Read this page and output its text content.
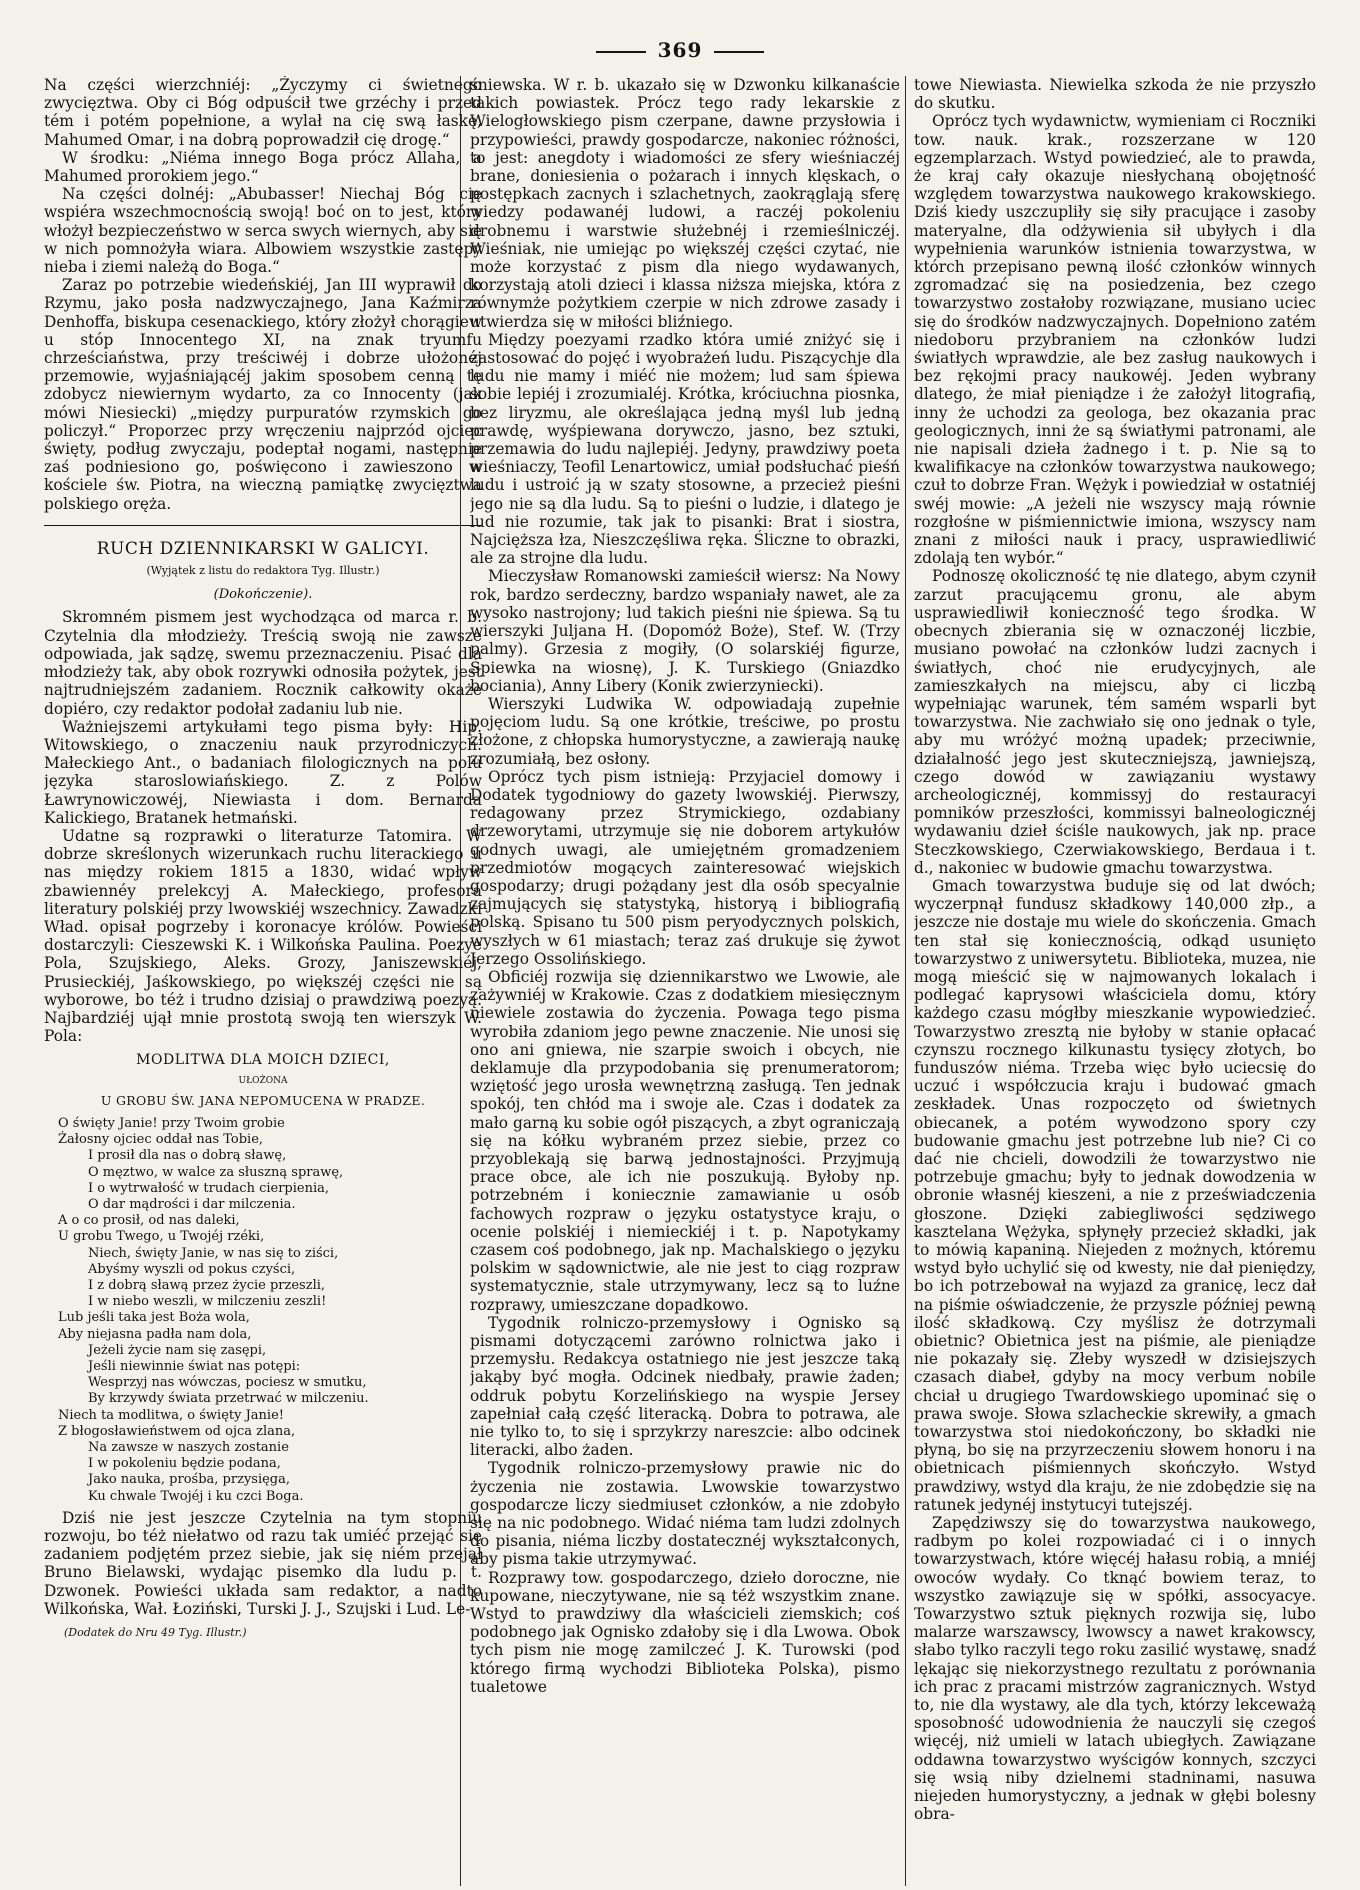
369

Na części wierzchniéj: „Życzymy ci świetnego zwycięztwa. Oby ci Bóg odpuścił twe grzéchy i przed tém i potém popełnione, a wylał na cię swą łaskę, Mahumed Omar, i na dobrą poprowadził cię drogę.“

W środku: „Niéma innego Boga prócz Allaha, a Mahumed prorokiem jego.“

Na części dolnéj: „Abubasser! Niechaj Bóg cię wspiéra wszechmocnością swoją! boć on to jest, który włożył bezpieczeństwo w serca swych wiernych, aby się w nich pomnożyła wiara. Albowiem wszystkie zastępy nieba i ziemi należą do Boga.“

Zaraz po potrzebie wiedeńskiéj, Jan III wyprawił do Rzymu, jako posła nadzwyczajnego, Jana Kaźmirza Denhoffa, biskupa cesenackiego, który złożył chorągiew u stóp Innocentego XI, na znak tryumfu chrześciaństwa, przy treściwéj i dobrze ułożonéj przemowie, wyjaśniającéj jakim sposobem cenną tę zdobycz niewiernym wydarto, za co Innocenty (jak mówi Niesiecki) „między purpuratów rzymskich go policzył.“ Proporzec przy wręczeniu najprzód ojciec święty, podług zwyczaju, podeptał nogami, następnie zaś podniesiono go, poświęcono i zawieszono w kościele św. Piotra, na wieczną pamiątkę zwycięztwa polskiego oręża.

RUCH DZIENNIKARSKI W GALICYI.
(Wyjątek z listu do redaktora Tyg. Illustr.)
(Dokończenie).

Skromném pismem jest wychodząca od marca r. b. Czytelnia dla młodzieży. Treścią swoją nie zawsze odpowiada, jak sądzę, swemu przeznaczeniu. Pisać dla młodzieży tak, aby obok rozrywki odnosiła pożytek, jest najtrudniejszém zadaniem. Rocznik całkowity okaże dopiéro, czy redaktor podołał zadaniu lub nie.

Ważniejszemi artykułami tego pisma były: Hip. Witowskiego, o znaczeniu nauk przyrodniczych. Małeckiego Ant., o badaniach filologicznych na polu języka staroslowiańskiego. Z. z Polów Ławrynowiczowéj, Niewiasta i dom. Bernarda Kalickiego, Bratanek hetmański.

Udatne są rozprawki o literaturze Tatomira. W dobrze skreślonych wizerunkach ruchu literackiego u nas między rokiem 1815 a 1830, widać wpływ zbawiennéy prelekcyj A. Małeckiego, profesora literatury polskiéj przy lwowskiéj wszechnicy. Zawadzki Wład. opisał pogrzeby i koronacye królów. Powieści dostarczyli: Cieszewski K. i Wilkońska Paulina. Poezye Pola, Szujskiego, Aleks. Grozy, Janiszewskiéj, Prusieckiéj, Jaśkowskiego, po większéj części nie są wyborowe, bo téż i trudno dzisiaj o prawdziwą poezyą. Najbardziéj ujął mnie prostotą swoją ten wierszyk W. Pola:

MODLITWA DLA MOICH DZIECI,
UŁOŻONA
U GROBU ŚW. JANA NEPOMUCENA W PRADZE.
O święty Janie! przy Twoim grobie
Żałosny ojciec oddał nas Tobie,
I prosił dla nas o dobrą sławę,
O męztwo, w walce za słuszną sprawę,
I o wytrwałość w trudach cierpienia,
O dar mądrości i dar milczenia.
A o co prosił, od nas daleki,
U grobu Twego, u Twojéj rzéki,
Niech, święty Janie, w nas się to ziści,
Abyśmy wyszli od pokus czyści,
I z dobrą sławą przez życie przeszli,
I w niebo weszli, w milczeniu zeszli!
Lub jeśli taka jest Boża wola,
Aby niejasna padła nam dola,
Jeżeli życie nam się zasępi,
Jeśli niewinnie świat nas potępi:
Wesprzyj nas wówczas, pociesz w smutku,
By krzywdy świata przetrwać w milczeniu.
Niech ta modlitwa, o święty Janie!
Z błogosławieństwem od ojca zlana,
Na zawsze w naszych zostanie
I w pokoleniu będzie podana,
Jako nauka, prośba, przysięga,
Ku chwale Twojéj i ku czci Boga.

Dziś nie jest jeszcze Czytelnia na tym stopniu rozwoju, bo téż niełatwo od razu tak umiéć przejąć się zadaniem podjętém przez siebie, jak się niém przejął Bruno Bielawski, wydając pisemko dla ludu p. t. Dzwonek. Powieści układa sam redaktor, a nadto Wilkońska, Wał. Łoziński, Turski J. J., Szujski i Lud. Le-

(Dodatek do Nru 49 Tyg. Illustr.)

śniewska. W r. b. ukazało się w Dzwonku kilkanaście takich powiastek. Prócz tego rady lekarskie z Wielogłowskiego pism czerpane, dawne przysłowia i przypowieści, prawdy gospodarcze, nakoniec różności, to jest: anegdoty i wiadomości ze sfery wieśniaczéj brane, doniesienia o pożarach i innych klęskach, o postępkach zacnych i szlachetnych, zaokrąglają sferę wiedzy podawanéj ludowi, a raczéj pokoleniu drobnemu i warstwie służebnéj i rzemieślniczéj. Wieśniak, nie umiejąc po większéj części czytać, nie może korzystać z pism dla niego wydawanych, korzystają atoli dzieci i klassa niższa miejska, która z równymże pożytkiem czerpie w nich zdrowe zasady i utwierdza się w miłości bliźniego.

Między poezyami rzadko która umié zniżyć się i zastosować do pojęć i wyobrażeń ludu. Piszącychje dla ludu nie mamy i miéć nie możem; lud sam śpiewa sobie lepiéj i zrozumialéj. Krótka, króciuchna piosnka, bez liryzmu, ale określająca jedną myśl lub jedną prawdę, wyśpiewana dorywczo, jasno, bez sztuki, przemawia do ludu najlepiéj. Jedyny, prawdziwy poeta wieśniaczy, Teofil Lenartowicz, umiał podsłuchać pieśń ludu i ustroić ją w szaty stosowne, a przecież pieśni jego nie są dla ludu. Są to pieśni o ludzie, i dlatego je lud nie rozumie, tak jak to pisanki: Brat i siostra, Najcięższa łza, Nieszczęśliwa ręka. Śliczne to obrazki, ale za strojne dla ludu.

Mieczysław Romanowski zamieścił wiersz: Na Nowy rok, bardzo serdeczny, bardzo wspaniały nawet, ale za wysoko nastrojony; lud takich pieśni nie śpiewa. Są tu wierszyki Juljana H. (Dopomóż Boże), Stef. W. (Trzy palmy). Grzesia z mogiły, (O solarskiéj figurze, Śpiewka na wiosnę), J. K. Turskiego (Gniazdko bociania), Anny Libery (Konik zwierzyniecki).

Wierszyki Ludwika W. odpowiadają zupełnie pojęciom ludu. Są one krótkie, treściwe, po prostu złożone, z chłopska humorystyczne, a zawierają naukę zrozumiałą, bez osłony.

Oprócz tych pism istnieją: Przyjaciel domowy i Dodatek tygodniowy do gazety lwowskiéj. Pierwszy, redagowany przez Strymickiego, ozdabiany drzeworytami, utrzymuje się nie doborem artykułów godnych uwagi, ale umiejętném gromadzeniem przedmiotów mogących zainteresować wiejskich gospodarzy; drugi pożądany jest dla osób specyalnie zajmujących się statystyką, historyą i bibliografią polską. Spisano tu 500 pism peryodycznych polskich, wyszłych w 61 miastach; teraz zaś drukuje się żywot Jerzego Ossolińskiego.

Obficiéj rozwija się dziennikarstwo we Lwowie, ale zażywniéj w Krakowie. Czas z dodatkiem miesięcznym niewiele zostawia do życzenia. Powaga tego pisma wyrobiła zdaniom jego pewne znaczenie. Nie unosi się ono ani gniewa, nie szarpie swoich i obcych, nie deklamuje dla przypodobania się prenumeratorom; wziętość jego urosła wewnętrzną zasługą. Ten jednak spokój, ten chłód ma i swoje ale. Czas i dodatek za mało garną ku sobie ogół piszących, a zbyt ograniczają się na kółku wybraném przez siebie, przez co przyoblekają się barwą jednostajności. Przyjmują prace obce, ale ich nie poszukują. Byłoby np. potrzebném i koniecznie zamawianie u osób fachowych rozpraw o języku ostatystyce kraju, o ocenie polskiéj i niemieckiéj i t. p. Napotykamy czasem coś podobnego, jak np. Machalskiego o języku polskim w sądownictwie, ale nie jest to ciąg rozpraw systematycznie, stale utrzymywany, lecz są to luźne rozprawy, umieszczane dopadkowo.

Tygodnik rolniczo-przemysłowy i Ognisko są pismami dotyczącemi zarówno rolnictwa jako i przemysłu. Redakcya ostatniego nie jest jeszcze taką jakąby być mogła. Odcinek niedbały, prawie żaden; oddruk pobytu Korzelińskiego na wyspie Jersey zapełniał całą część literacką. Dobra to potrawa, ale nie tylko to, to się i sprzykrzy nareszcie: albo odcinek literacki, albo żaden.

Tygodnik rolniczo-przemysłowy prawie nic do życzenia nie zostawia. Lwowskie towarzystwo gospodarcze liczy siedmiuset członków, a nie zdobyło się na nic podobnego. Widać niéma tam ludzi zdolnych do pisania, niéma liczby dostatecznéj wykształconych, aby pisma takie utrzymywać.

Rozprawy tow. gospodarczego, dzieło doroczne, nie kupowane, nieczytywane, nie są téż wszystkim znane. Wstyd to prawdziwy dla właścicieli ziemskich; coś podobnego jak Ognisko zdałoby się i dla Lwowa. Obok tych pism nie mogę zamilczeć J. K. Turowski (pod którego firmą wychodzi Biblioteka Polska), pismo tualetowe

towe Niewiasta. Niewielka szkoda że nie przyszło do skutku.

Oprócz tych wydawnictw, wymieniam ci Roczniki tow. nauk. krak., rozszerzane w 120 egzemplarzach. Wstyd powiedzieć, ale to prawda, że kraj cały okazuje niesłychaną obojętność względem towarzystwa naukowego krakowskiego. Dziś kiedy uszczupliły się siły pracujące i zasoby materyalne, dla odżywienia sił ubyłych i dla wypełnienia warunków istnienia towarzystwa, w którch przepisano pewną ilość członków winnych zgromadzać się na posiedzenia, bez czego towarzystwo zostałoby rozwiązane, musiano uciec się do środków nadzwyczajnych. Dopełniono zatém niedoboru przybraniem na członków ludzi światłych wprawdzie, ale bez zasług naukowych i bez rękojmi pracy naukowéj. Jeden wybrany dlatego, że miał pieniądze i że założył litografią, inny że uchodzi za geologa, bez okazania prac geologicznych, inni że są światłymi patronami, ale nie napisali dzieła żadnego i t. p. Nie są to kwalifikacye na członków towarzystwa naukowego; czuł to dobrze Fran. Wężyk i powiedział w ostatniéj swéj mowie: „A jeżeli nie wszyscy mają równie rozgłośne w piśmiennictwie imiona, wszyscy nam znani z miłości nauk i pracy, usprawiedliwić zdolają ten wybór.“

Podnoszę okoliczność tę nie dlatego, abym czynił zarzut pracującemu gronu, ale abym usprawiedliwił konieczność tego środka. W obecnych zbierania się w oznaczonéj liczbie, musiano powołać na członków ludzi zacnych i światłych, choć nie erudycyjnych, ale zamieszkałych na miejscu, aby ci liczbą wypełniając warunek, tém samém wsparli byt towarzystwa. Nie zachwiało się ono jednak o tyle, aby mu wróżyć możną upadek; przeciwnie, działalność jego jest skuteczniejszą, jawniejszą, czego dowód w zawiązaniu wystawy archeologicznéj, kommissyj do restauracyi pomników przeszłości, kommissyi balneologicznéj wydawaniu dzieł ściśle naukowych, jak np. prace Steczkowskiego, Czerwiakowskiego, Berdaua i t. d., nakoniec w budowie gmachu towarzystwa.

Gmach towarzystwa buduje się od lat dwóch; wyczerpnął fundusz składkowy 140,000 złp., a jeszcze nie dostaje mu wiele do skończenia. Gmach ten stał się koniecznością, odkąd usunięto towarzystwo z uniwersytetu. Biblioteka, muzea, nie mogą mieścić się w najmowanych lokalach i podlegać kaprysowi właściciela domu, który każdego czasu mógłby mieszkanie wypowiedzieć. Towarzystwo zresztą nie byłoby w stanie opłacać czynszu rocznego kilkunastu tysięcy złotych, bo funduszów niéma. Trzeba więc było uciecsię do uczuć i współczucia kraju i budować gmach zeskładek. Unas rozpoczęto od świetnych obiecanek, a potém wywodzono spory czy budowanie gmachu jest potrzebne lub nie? Ci co dać nie chcieli, dowodzili że towarzystwo nie potrzebuje gmachu; były to jednak dowodzenia w obronie własnéj kieszeni, a nie z przeświadczenia głoszone. Dzięki zabiegliwości sędziwego kasztelana Wężyka, spłynęły przecież składki, jak to mówią kapaniną. Niejeden z możnych, któremu wstyd było uchylić się od kwesty, nie dał pieniędzy, bo ich potrzebował na wyjazd za granicę, lecz dał na piśmie oświadczenie, że przyszle później pewną ilość składkową. Czy myślisz że dotrzymali obietnic? Obietnica jest na piśmie, ale pieniądze nie pokazały się. Złeby wyszedł w dzisiejszych czasach diabeł, gdyby na mocy verbum nobile chciał u drugiego Twardowskiego upominać się o prawa swoje. Słowa szlacheckie skrewiły, a gmach towarzystwa stoi niedokończony, bo składki nie płyną, bo się na przyrzeczeniu słowem honoru i na obietnicach piśmiennych skończyło. Wstyd prawdziwy, wstyd dla kraju, że nie zdobędzie się na ratunek jedynéj instytucyi tutejszéj.

Zapędziwszy się do towarzystwa naukowego, radbym po kolei rozpowiadać ci i o innych towarzystwach, które więcéj hałasu robią, a mniéj owoców wydały. Co tknąć bowiem teraz, to wszystko zawiązuje się w spółki, assocyacye. Towarzystwo sztuk pięknych rozwija się, lubo malarze warszawscy, lwowscy a nawet krakowscy, słabo tylko raczyli tego roku zasilić wystawę, snadź lękając się niekorzystnego rezultatu z porównania ich prac z pracami mistrzów zagranicznych. Wstyd to, nie dla wystawy, ale dla tych, którzy lekceważą sposobność udowodnienia że nauczyli się czegoś więcéj, niż umieli w latach ubiegłych. Zawiązane oddawna towarzystwo wyścigów konnych, szczyci się wsią niby dzielnemi stadninami, nasuwa niejeden humorystyczny, a jednak w głębi bolesny obra-
